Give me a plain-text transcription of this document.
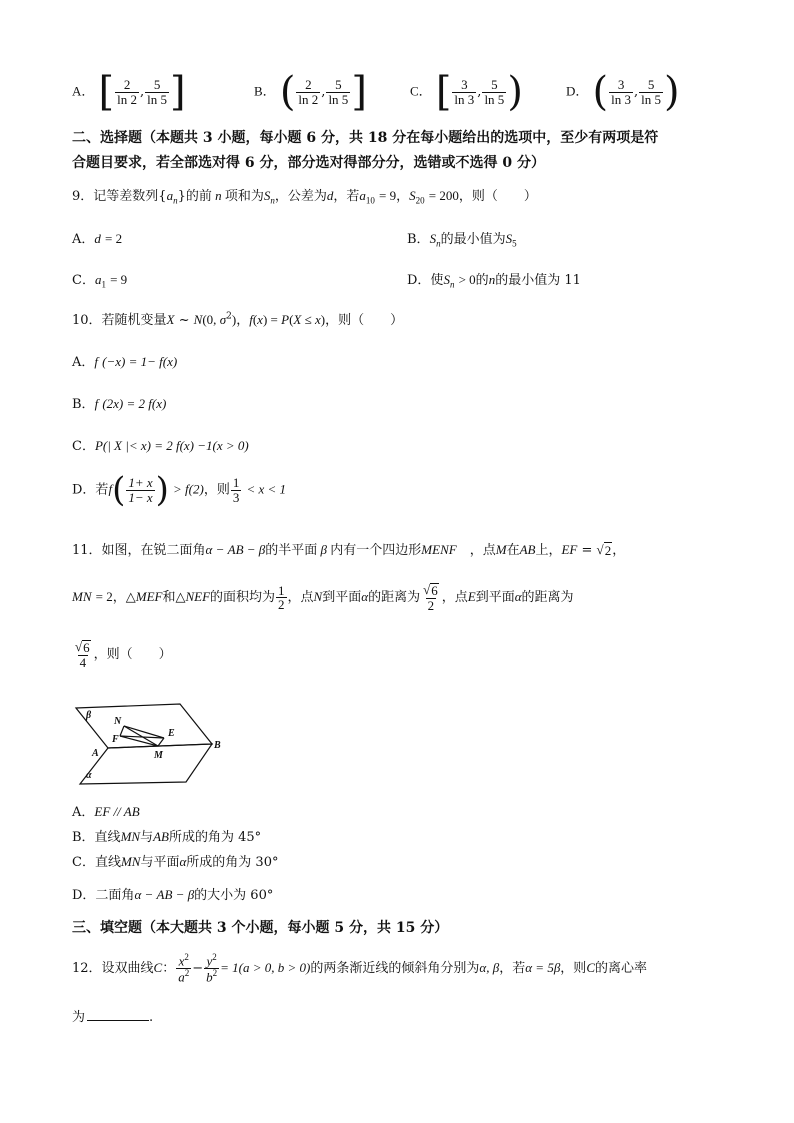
A． [ $\frac{2}{\ln 2}$ , $\frac{5}{\ln 5}$ ]	B． ( $\frac{2}{\ln 2}$ , $\frac{5}{\ln 5}$ ]	C． [ $\frac{3}{\ln 3}$ , $\frac{5}{\ln 5}$ )	D． ( $\frac{3}{\ln 3}$ , $\frac{5}{\ln 5}$ )
二、选择题（本题共 3 小题，每小题 6 分，共 18 分在每小题给出的选项中，至少有两项是符
合题目要求，若全部选对得 6 分，部分选对得部分分，选错或不选得 0 分）
9．记等差数列$\{a_n\}$的前 n 项和为$S_n$，公差为d，若$a_{10} = 9$，$S_{20} = 200$，则（　　）
A．d = 2	B．$S_n$的最小值为$S_5$
C．$a_1 = 9$	D．使$S_n > 0$的n的最小值为 11
10．若随机变量X ~ N(0, $\sigma^2$)，f(x) = P(X ≤ x)，则（　　）
A．f (−x) = 1− f(x)
B．f (2x) = 2 f(x)
C．P(| X |< x) = 2 f(x) −1(x > 0)
D．若$f( \frac{1+ x}{1- x}$ ) > f(2)，则 $\frac{1}{3} < x < 1$
11．如图，在锐二面角α − AB − β的半平面 β 内有一个四边形MENF　 ，点M在AB上，EF = √ 2 ，
MN = 2，△MEF和△NEF的面积均为 $\frac{1}{2}$ ，点N到平面α的距离为 $\frac{√ 6}{2}$ ，点E到平面α的距离为
$\frac{√ 6}{4}$ ，则（　　）
β
α
A
B
N
F
E
M
A．EF // AB
B．直线MN与AB所成的角为 45°
C．直线MN与平面α所成的角为 30°
D．二面角α − AB − β的大小为 60°
三、填空题（本大题共 3 个小题，每小题 5 分，共 15 分）
12．设双曲线C： $\frac{x^2}{a^2} - \frac{y^2}{b^2} = 1(a > 0$, b > 0)的两条渐近线的倾斜角分别为α, β，若α = 5β，则C的离心率
为	.
